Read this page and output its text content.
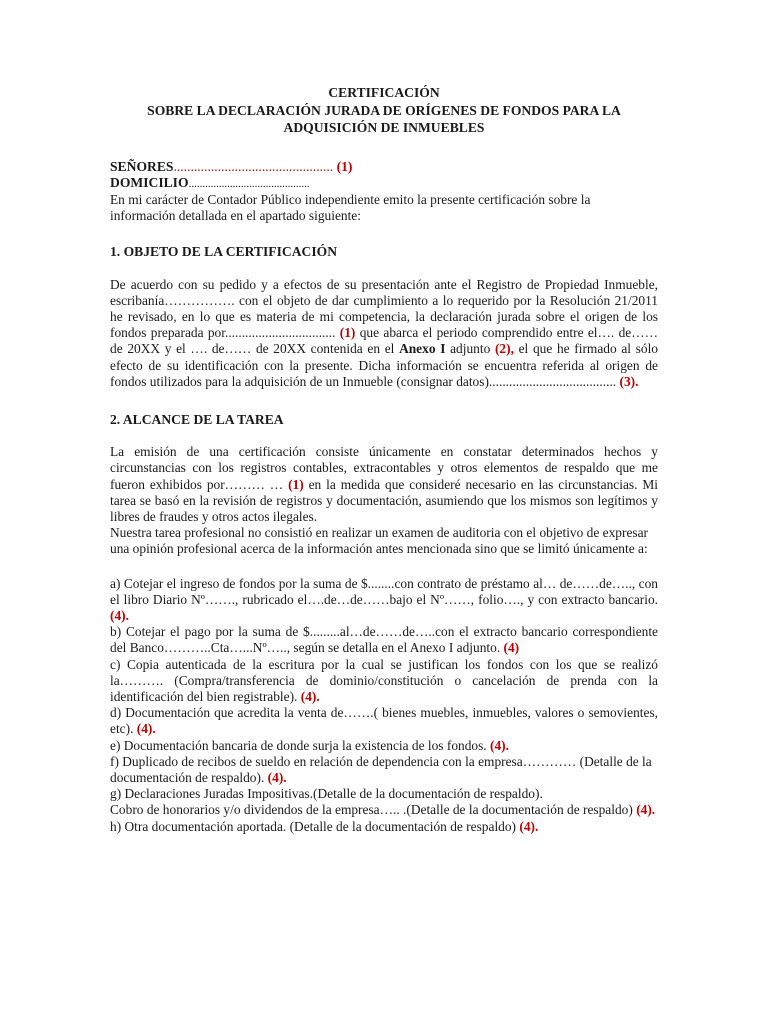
CERTIFICACIÓN
SOBRE LA DECLARACIÓN JURADA DE ORÍGENES DE FONDOS PARA LA
ADQUISICIÓN DE INMUEBLES

SEÑORES............................................... (1)

DOMICILIO............................................

En mi carácter de Contador Público independiente emito la presente certificación sobre la información detallada en el apartado siguiente:

1. OBJETO DE LA CERTIFICACIÓN

De acuerdo con su pedido y a efectos de su presentación ante el Registro de Propiedad Inmueble, escribanía……………. con el objeto de dar cumplimiento a lo requerido por la Resolución 21/2011 he revisado, en lo que es materia de mi competencia, la declaración jurada sobre el origen de los fondos preparada por................................. (1) que abarca el periodo comprendido entre el…. de…… de 20XX y el …. de…… de 20XX contenida en el Anexo I adjunto (2), el que he firmado al sólo efecto de su identificación con la presente. Dicha información se encuentra referida al origen de fondos utilizados para la adquisición de un Inmueble (consignar datos)...................................... (3).

2. ALCANCE DE LA TAREA

La emisión de una certificación consiste únicamente en constatar determinados hechos y circunstancias con los registros contables, extracontables y otros elementos de respaldo que me fueron exhibidos por……… … (1) en la medida que consideré necesario en las circunstancias. Mi tarea se basó en la revisión de registros y documentación, asumiendo que los mismos son legítimos y libres de fraudes y otros actos ilegales.

Nuestra tarea profesional no consistió en realizar un examen de auditoria con el objetivo de expresar una opinión profesional acerca de la información antes mencionada sino que se limitó únicamente a:

a) Cotejar el ingreso de fondos por la suma de $........con contrato de préstamo al… de……de….., con el libro Diario Nº……., rubricado el….de…de……bajo el Nº……, folio…., y con extracto bancario. (4).

b) Cotejar el pago por la suma de $.........al…de……de…..con el extracto bancario correspondiente del Banco………..Cta…...Nº….., según se detalla en el Anexo I adjunto. (4)

c) Copia autenticada de la escritura por la cual se justifican los fondos con los que se realizó la………. (Compra/transferencia de dominio/constitución o cancelación de prenda con la identificación del bien registrable). (4).

d) Documentación que acredita la venta de…….( bienes muebles, inmuebles, valores o semovientes, etc). (4).

e) Documentación bancaria de donde surja la existencia de los fondos. (4).

f) Duplicado de recibos de sueldo en relación de dependencia con la empresa………… (Detalle de la documentación de respaldo). (4).

g) Declaraciones Juradas Impositivas.(Detalle de la documentación de respaldo).

Cobro de honorarios y/o dividendos de la empresa….. .(Detalle de la documentación de respaldo) (4).

h) Otra documentación aportada. (Detalle de la documentación de respaldo) (4).
